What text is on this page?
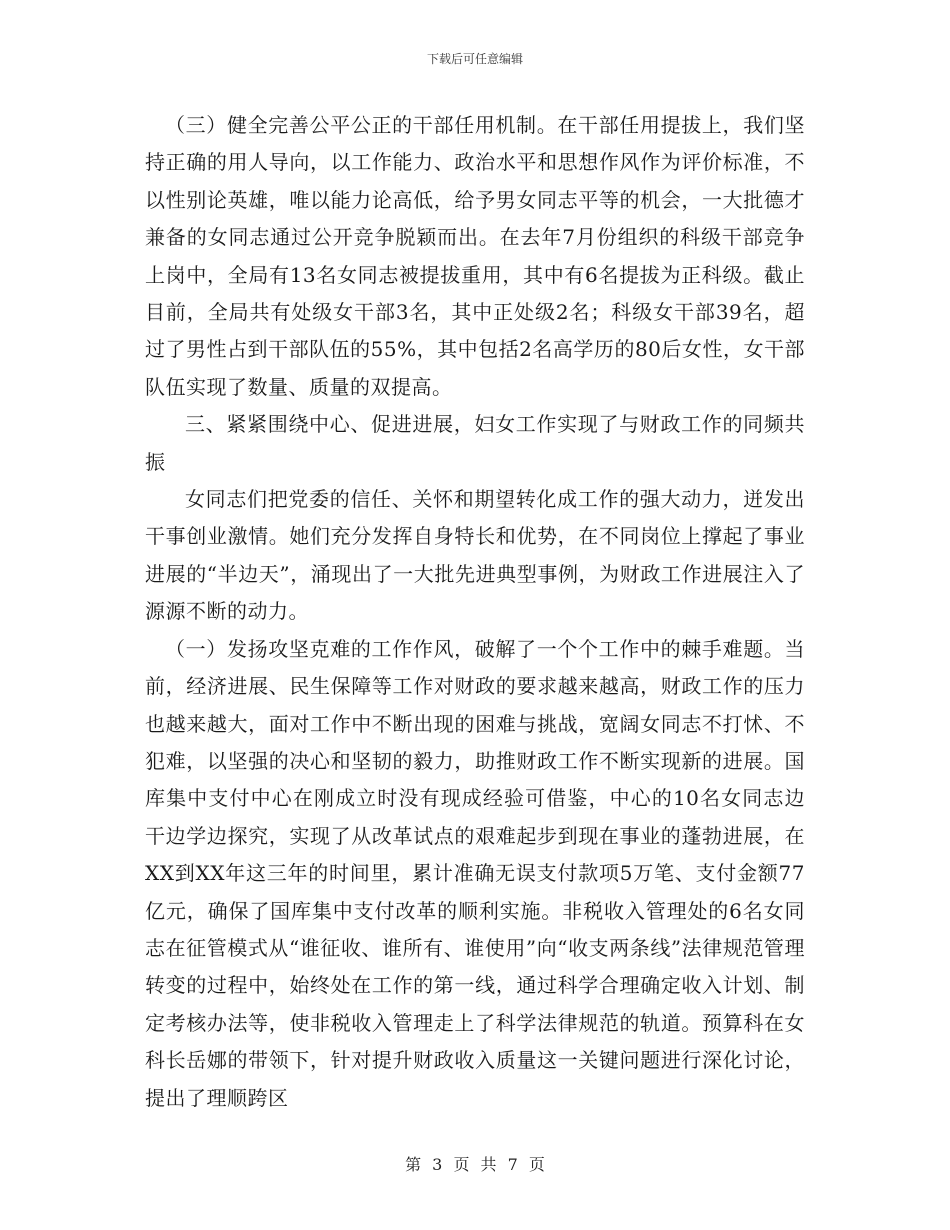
下载后可任意编辑

（三）健全完善公平公正的干部任用机制。在干部任用提拔上，我们坚持正确的用人导向，以工作能力、政治水平和思想作风作为评价标准，不以性别论英雄，唯以能力论高低，给予男女同志平等的机会，一大批德才兼备的女同志通过公开竞争脱颖而出。在去年7月份组织的科级干部竞争上岗中，全局有13名女同志被提拔重用，其中有6名提拔为正科级。截止目前，全局共有处级女干部3名，其中正处级2名；科级女干部39名，超过了男性占到干部队伍的55%，其中包括2名高学历的80后女性，女干部队伍实现了数量、质量的双提高。

三、紧紧围绕中心、促进进展，妇女工作实现了与财政工作的同频共振

女同志们把党委的信任、关怀和期望转化成工作的强大动力，迸发出干事创业激情。她们充分发挥自身特长和优势，在不同岗位上撑起了事业进展的“半边天”，涌现出了一大批先进典型事例，为财政工作进展注入了源源不断的动力。

（一）发扬攻坚克难的工作作风，破解了一个个工作中的棘手难题。当前，经济进展、民生保障等工作对财政的要求越来越高，财政工作的压力也越来越大，面对工作中不断出现的困难与挑战，宽阔女同志不打怵、不犯难，以坚强的决心和坚韧的毅力，助推财政工作不断实现新的进展。国库集中支付中心在刚成立时没有现成经验可借鉴，中心的10名女同志边干边学边探究，实现了从改革试点的艰难起步到现在事业的蓬勃进展，在XX到XX年这三年的时间里，累计准确无误支付款项5万笔、支付金额77亿元，确保了国库集中支付改革的顺利实施。非税收入管理处的6名女同志在征管模式从“谁征收、谁所有、谁使用”向“收支两条线”法律规范管理转变的过程中，始终处在工作的第一线，通过科学合理确定收入计划、制定考核办法等，使非税收入管理走上了科学法律规范的轨道。预算科在女科长岳娜的带领下，针对提升财政收入质量这一关键问题进行深化讨论，提出了理顺跨区

第 3 页 共 7 页
